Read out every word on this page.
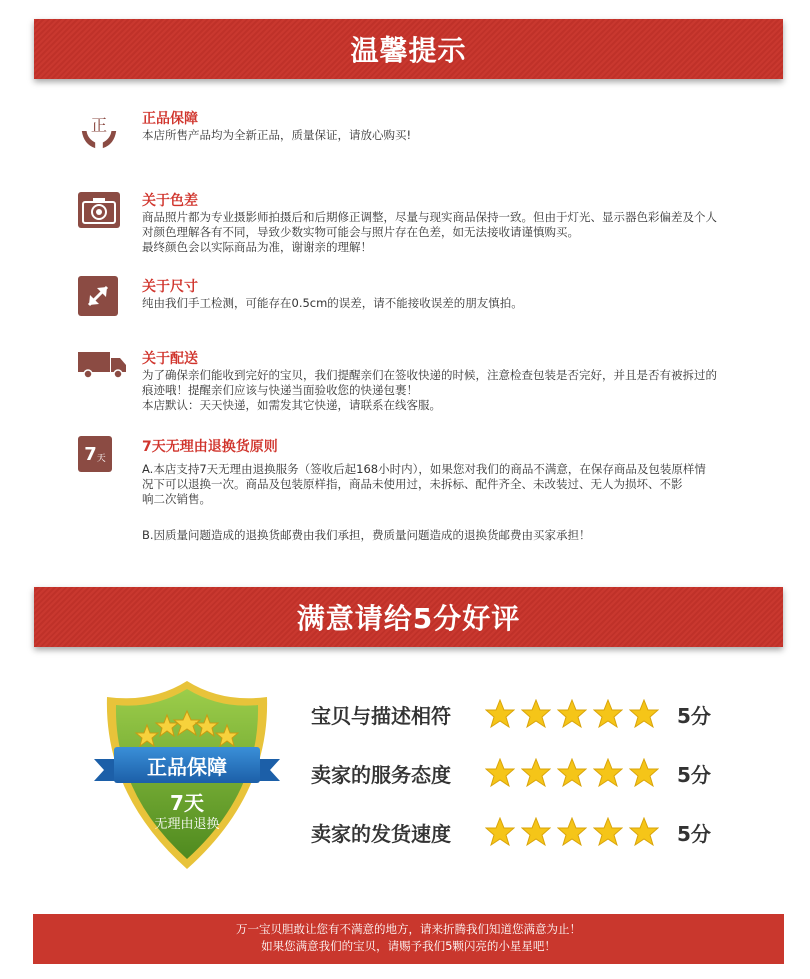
温馨提示
正 正品保障

本店所售产品均为全新正品，质量保证，请放心购买!

关于色差

商品照片都为专业摄影师拍摄后和后期修正调整，尽量与现实商品保持一致。但由于灯光、显示器色彩偏差及个人

对颜色理解各有不同，导致少数实物可能会与照片存在色差，如无法接收请谨慎购买。

最终颜色会以实际商品为准，谢谢亲的理解！

关于尺寸

纯由我们手工检测，可能存在0.5cm的误差，请不能接收误差的朋友慎拍。

关于配送

为了确保亲们能收到完好的宝贝，我们提醒亲们在签收快递的时候，注意检查包装是否完好，并且是否有被拆过的

痕迹哦！提醒亲们应该与快递当面验收您的快递包裹！

本店默认：天天快递，如需发其它快递，请联系在线客服。

7 天
7天无理由退换货原则

A.本店支持7天无理由退换服务（签收后起168小时内），如果您对我们的商品不满意，在保存商品及包装原样情

况下可以退换一次。商品及包装原样指，商品未使用过，未拆标、配件齐全、未改装过、无人为损坏、不影

响二次销售。

B.因质量问题造成的退换货邮费由我们承担，费质量问题造成的退换货邮费由买家承担！

满意请给5分好评
正品保障
7天
无理由退换
宝贝与描述相符	5分
卖家的服务态度	5分
卖家的发货速度	5分

万一宝贝胆敢让您有不满意的地方，请来折腾我们知道您满意为止！

如果您满意我们的宝贝，请赐予我们5颗闪亮的小星星吧！
